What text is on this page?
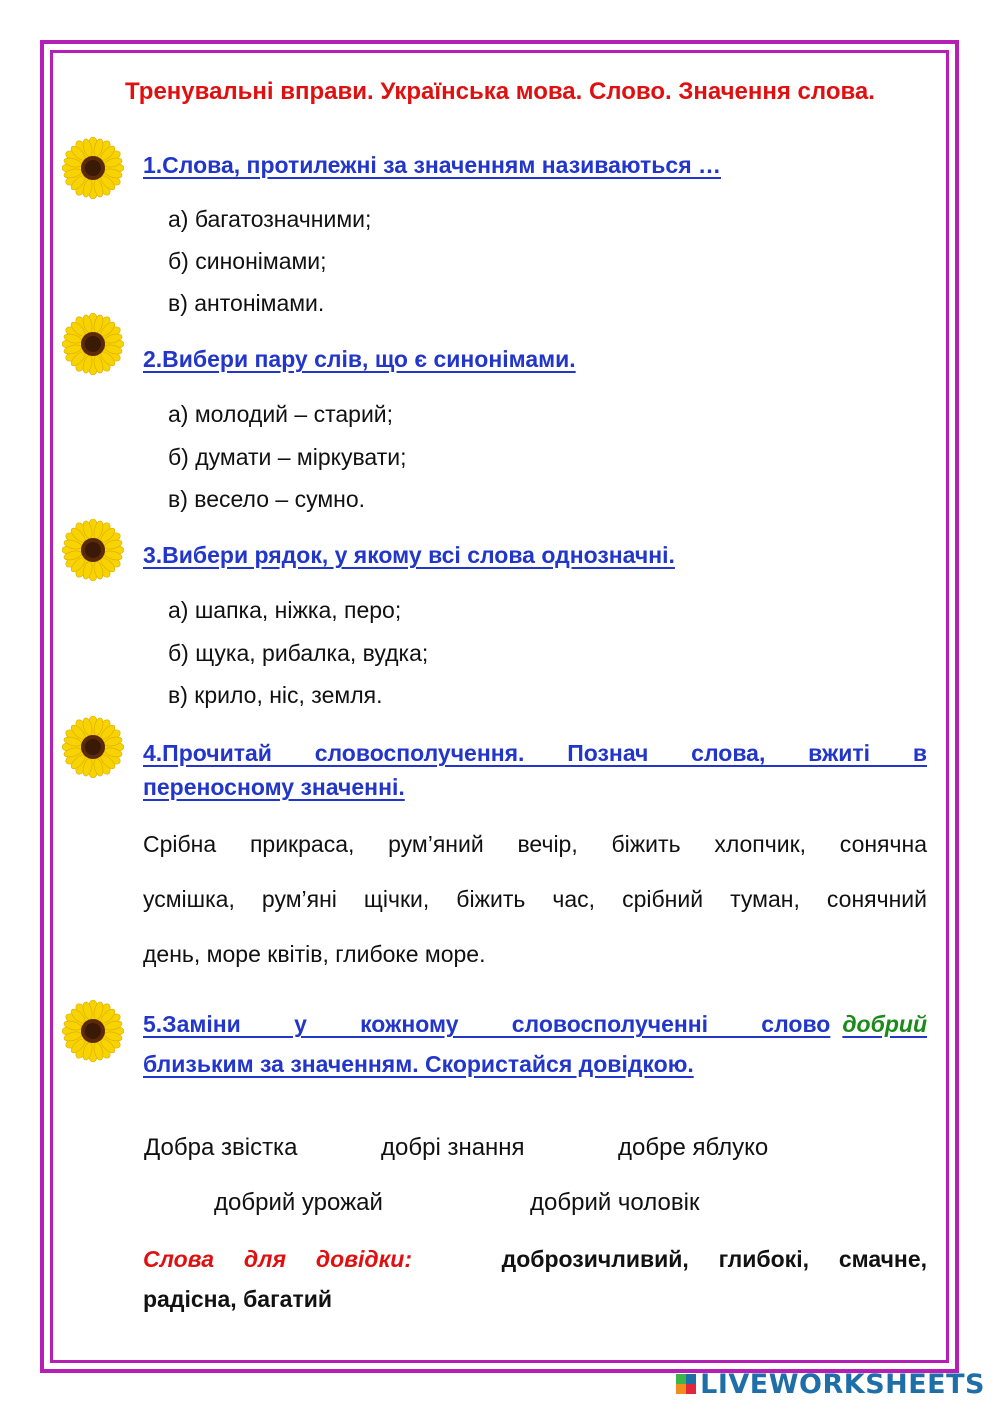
Тренувальні вправи. Українська мова. Слово. Значення слова.
1.Слова, протилежні за значенням називаються …
а) багатозначними;
б) синонімами;
в) антонімами.
2.Вибери пару слів, що є синонімами.
а) молодий – старий;
б) думати – міркувати;
в) весело – сумно.
3.Вибери рядок, у якому всі слова однозначні.
а) шапка, ніжка, перо;
б) щука, рибалка, вудка;
в) крило, ніс, земля.
4.Прочитай словосполучення. Познач слова, вжиті в
переносному значенні.
Срібна прикраса, рум’яний вечір, біжить хлопчик, сонячна
усмішка, рум’яні щічки, біжить час, срібний туман, сонячний
день, море квітів, глибоке море.
5.Заміни у кожному словосполученні слово добрий
близьким за значенням. Скористайся довідкою.
Добра звістка	добрі знання	добре яблуко
добрий урожай	добрий чоловік
Слова для довідки:	доброзичливий, глибокі, смачне,
радісна, багатий
LIVEWORKSHEETS
